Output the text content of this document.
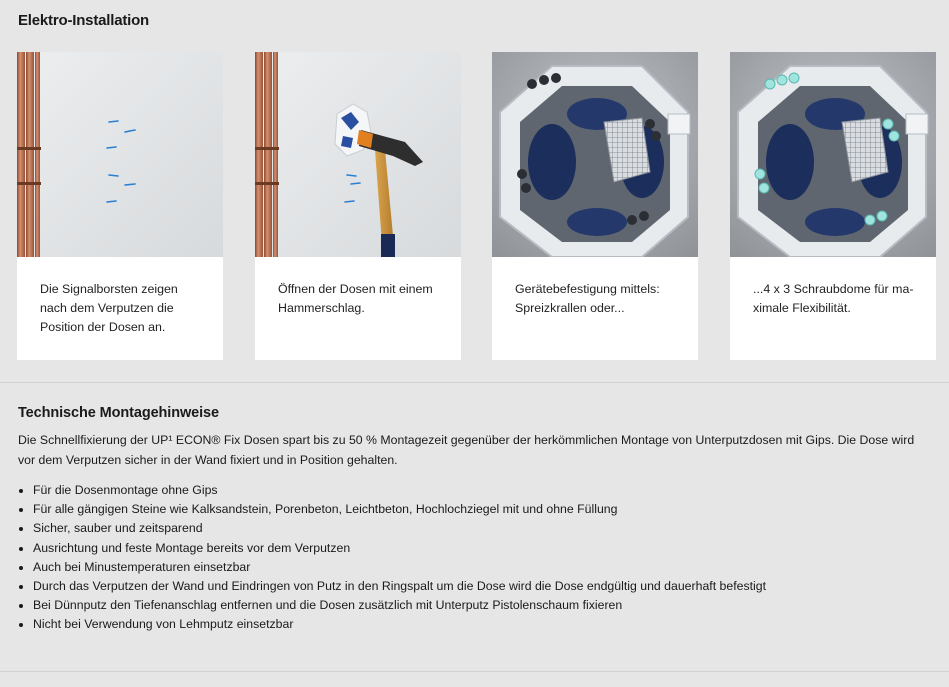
Elektro-Installation
Die Signalborsten zeigen nach dem Verputzen die Position der Dosen an.
Öffnen der Dosen mit einem Hammerschlag.
Gerätebefestigung mittels: Spreizkrallen oder...
...4 x 3 Schraubdome für ma-ximale Flexibilität.
Technische Montagehinweise

Die Schnellfixierung der UP¹ ECON® Fix Dosen spart bis zu 50 % Montagezeit gegenüber der herkömmlichen Montage von Unterputzdosen mit Gips. Die Dose wird vor dem Verputzen sicher in der Wand fixiert und in Position gehalten.

• Für die Dosenmontage ohne Gips
• Für alle gängigen Steine wie Kalksandstein, Porenbeton, Leichtbeton, Hochlochziegel mit und ohne Füllung
• Sicher, sauber und zeitsparend
• Ausrichtung und feste Montage bereits vor dem Verputzen
• Auch bei Minustemperaturen einsetzbar
• Durch das Verputzen der Wand und Eindringen von Putz in den Ringspalt um die Dose wird die Dose endgültig und dauerhaft befestigt
• Bei Dünnputz den Tiefenanschlag entfernen und die Dosen zusätzlich mit Unterputz Pistolenschaum fixieren
• Nicht bei Verwendung von Lehmputz einsetzbar
